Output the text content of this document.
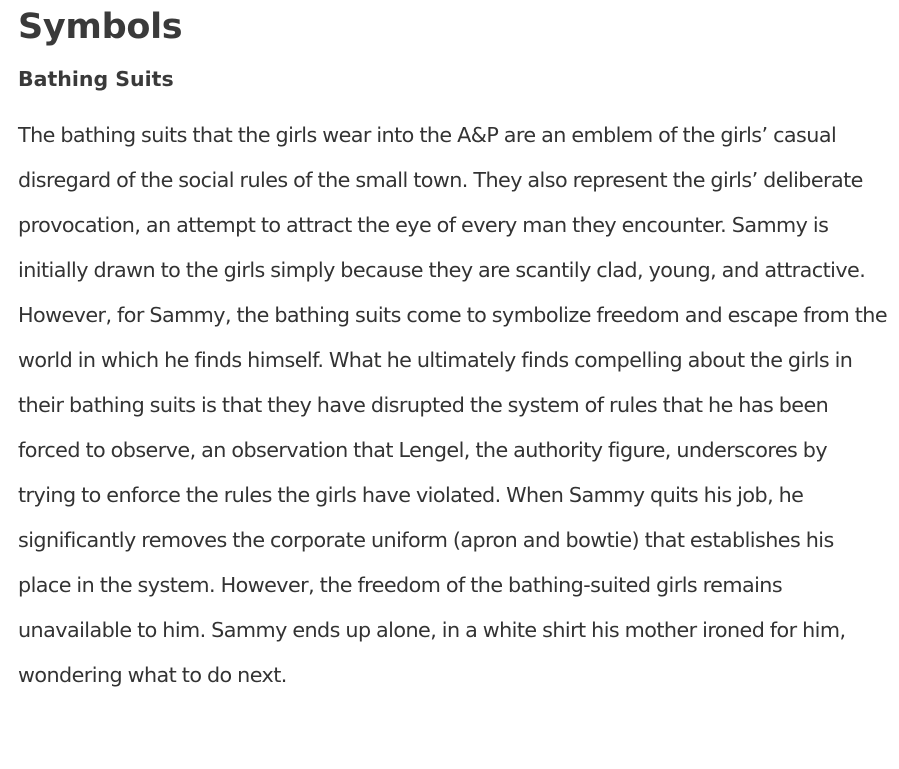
Symbols
Bathing Suits

The bathing suits that the girls wear into the A&P are an emblem of the girls’ casual disregard of the social rules of the small town. They also represent the girls’ deliberate provocation, an attempt to attract the eye of every man they encounter. Sammy is initially drawn to the girls simply because they are scantily clad, young, and attractive. However, for Sammy, the bathing suits come to symbolize freedom and escape from the world in which he finds himself. What he ultimately finds compelling about the girls in their bathing suits is that they have disrupted the system of rules that he has been forced to observe, an observation that Lengel, the authority figure, underscores by trying to enforce the rules the girls have violated. When Sammy quits his job, he significantly removes the corporate uniform (apron and bowtie) that establishes his place in the system. However, the freedom of the bathing-suited girls remains unavailable to him. Sammy ends up alone, in a white shirt his mother ironed for him, wondering what to do next.
